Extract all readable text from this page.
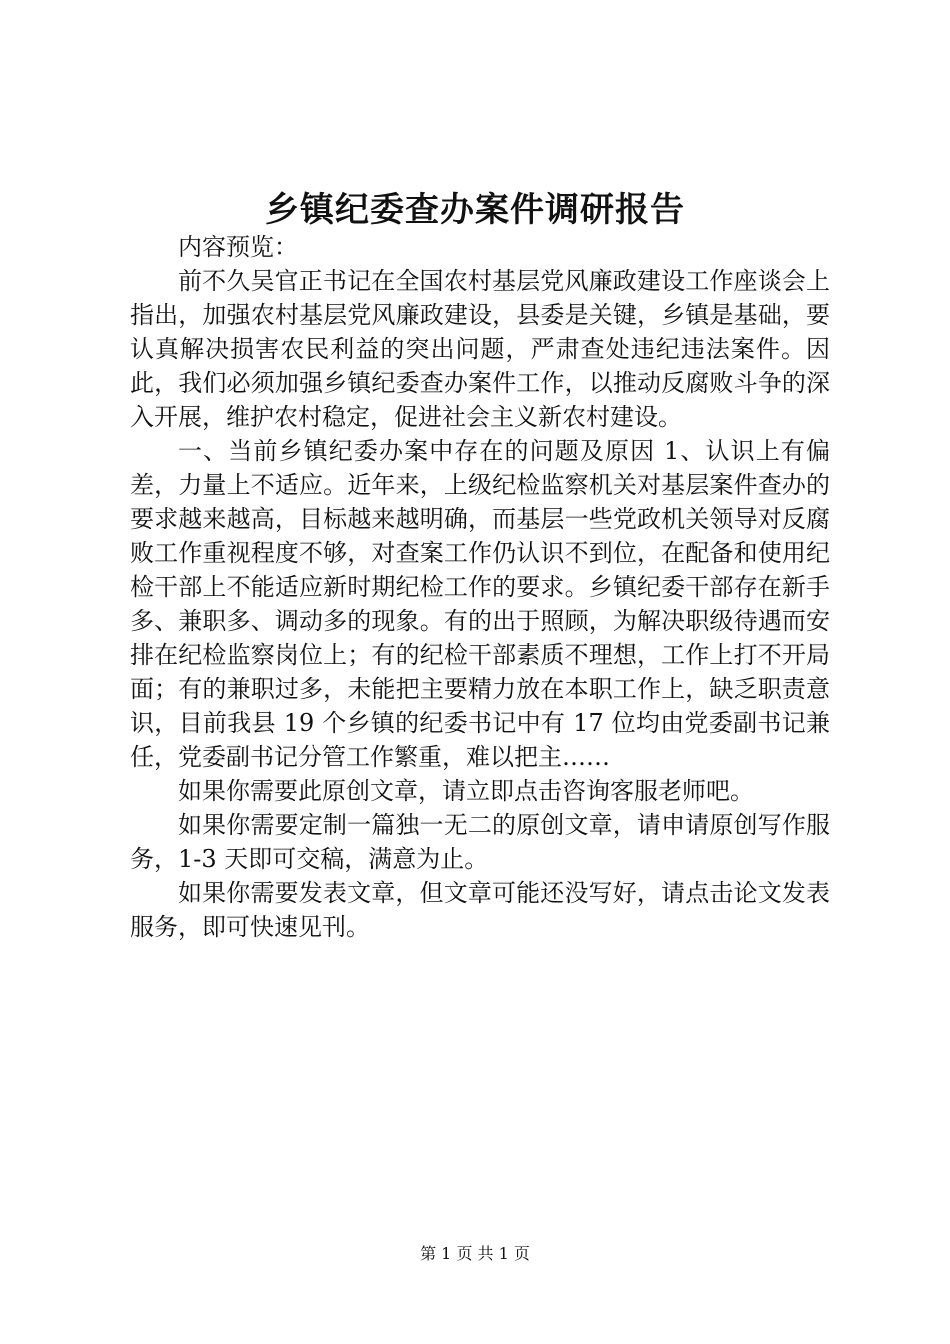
乡镇纪委查办案件调研报告

内容预览：

前不久吴官正书记在全国农村基层党风廉政建设工作座谈会上指出，加强农村基层党风廉政建设，县委是关键，乡镇是基础，要认真解决损害农民利益的突出问题，严肃查处违纪违法案件。因此，我们必须加强乡镇纪委查办案件工作，以推动反腐败斗争的深入开展，维护农村稳定，促进社会主义新农村建设。

一、当前乡镇纪委办案中存在的问题及原因 1、认识上有偏差，力量上不适应。近年来，上级纪检监察机关对基层案件查办的要求越来越高，目标越来越明确，而基层一些党政机关领导对反腐败工作重视程度不够，对查案工作仍认识不到位，在配备和使用纪检干部上不能适应新时期纪检工作的要求。乡镇纪委干部存在新手多、兼职多、调动多的现象。有的出于照顾，为解决职级待遇而安排在纪检监察岗位上；有的纪检干部素质不理想，工作上打不开局面；有的兼职过多，未能把主要精力放在本职工作上，缺乏职责意识，目前我县 19 个乡镇的纪委书记中有 17 位均由党委副书记兼任，党委副书记分管工作繁重，难以把主……

如果你需要此原创文章，请立即点击咨询客服老师吧。

如果你需要定制一篇独一无二的原创文章，请申请原创写作服务，1-3 天即可交稿，满意为止。

如果你需要发表文章，但文章可能还没写好，请点击论文发表服务，即可快速见刊。

第 1 页 共 1 页
